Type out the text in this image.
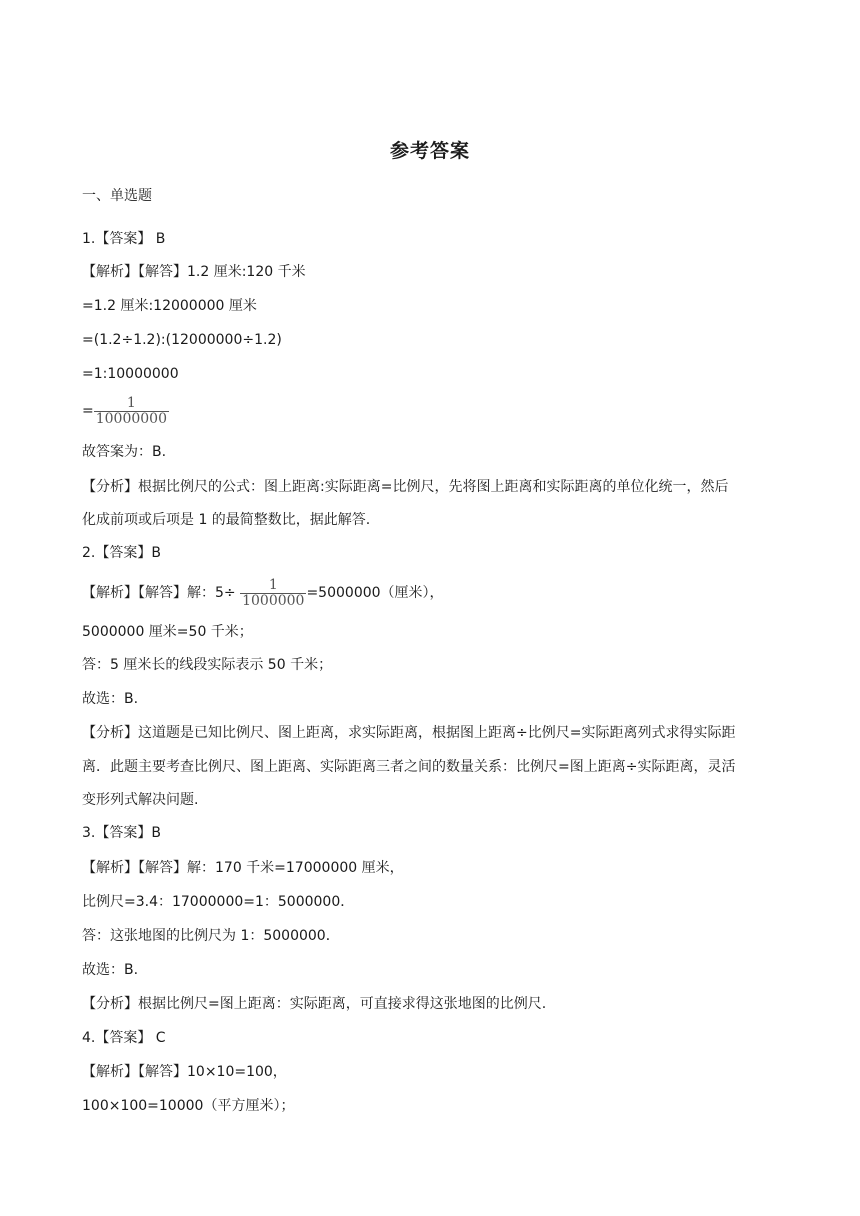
参考答案
一、单选题
1.【答案】 B
【解析】【解答】1.2 厘米:120 千米
=1.2 厘米:12000000 厘米
=(1.2÷1.2):(12000000÷1.2)
=1:10000000
= $\frac{1}{10000000}$
故答案为：B.
【分析】根据比例尺的公式：图上距离:实际距离=比例尺，先将图上距离和实际距离的单位化统一，然后
化成前项或后项是 1 的最简整数比，据此解答.
2.【答案】B
【解析】【解答】解：$5\div \frac{1}{1000000} =5000000$（厘米），
5000000 厘米=50 千米；
答：5 厘米长的线段实际表示 50 千米；
故选：B.
【分析】这道题是已知比例尺、图上距离，求实际距离，根据图上距离÷比例尺=实际距离列式求得实际距
离．此题主要考查比例尺、图上距离、实际距离三者之间的数量关系：比例尺=图上距离÷实际距离，灵活
变形列式解决问题.
3.【答案】B
【解析】【解答】解：170 千米=17000000 厘米，
比例尺=3.4：17000000=1：5000000．
答：这张地图的比例尺为 1：5000000．
故选：B.
【分析】根据比例尺=图上距离：实际距离，可直接求得这张地图的比例尺.
4.【答案】 C
【解析】【解答】10×10=100，
100×100=10000（平方厘米）；
